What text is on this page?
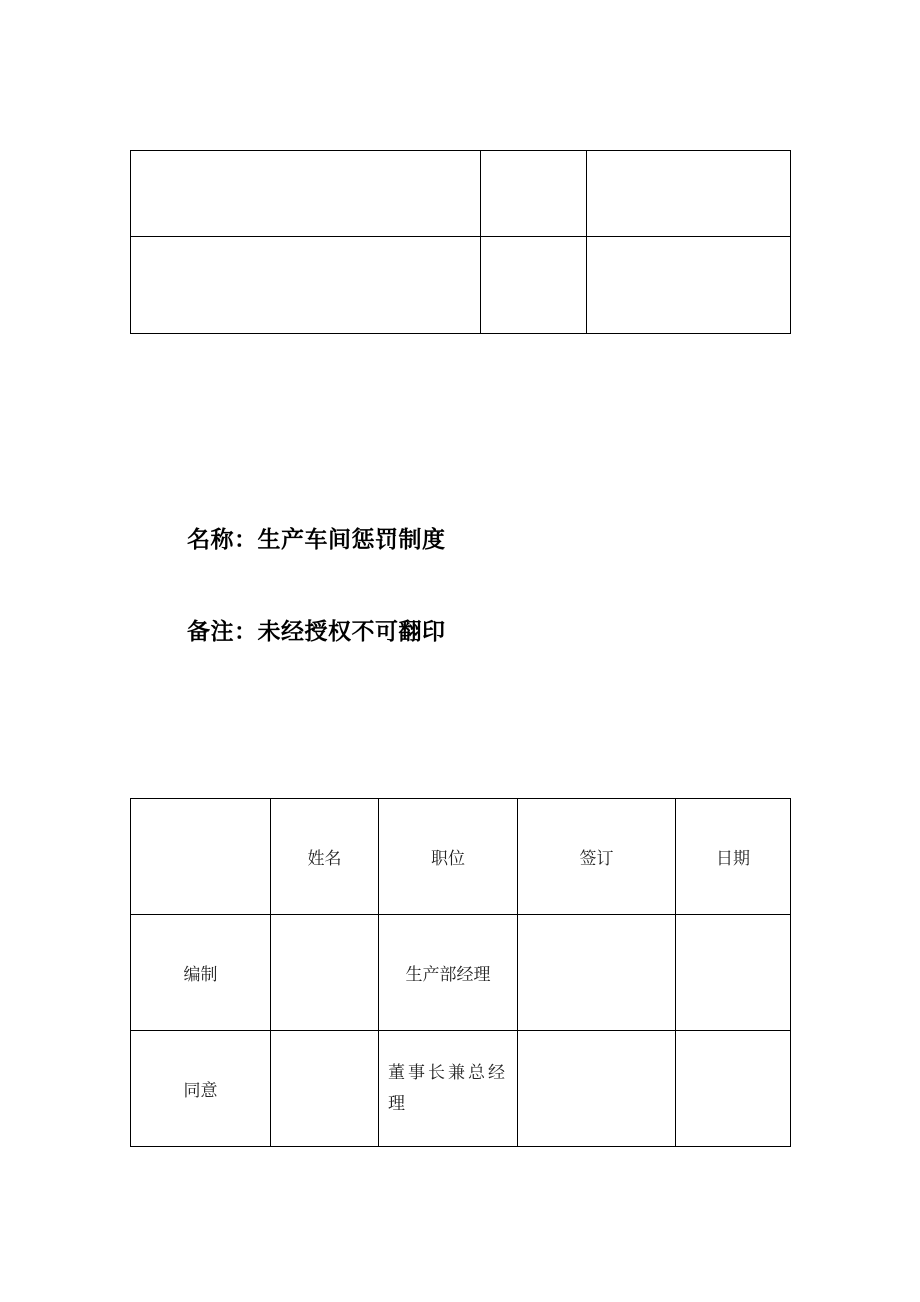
名称：生产车间惩罚制度
备注：未经授权不可翻印
	姓名	职位	签订	日期
编制		生产部经理		
同意		董事长兼总经理		
